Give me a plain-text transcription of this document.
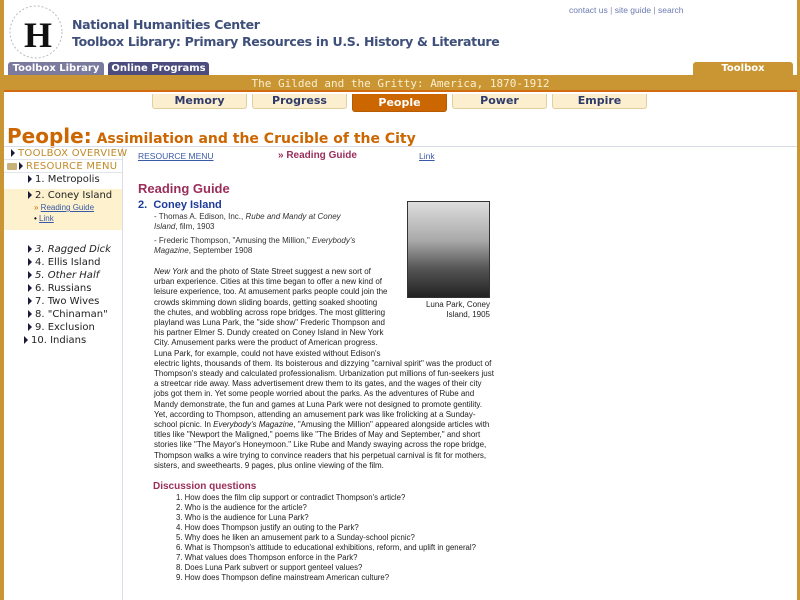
H National Humanities Center
Toolbox Library: Primary Resources in U.S. History & Literature
contact us | site guide | search
Toolbox Library	Online Programs	Toolbox
The Gilded and the Gritty: America, 1870-1912
Memory	Progress	People	Power	Empire
People: Assimilation and the Crucible of the City
TOOLBOX OVERVIEW
RESOURCE MENU
1. Metropolis
2. Coney Island
» Reading Guide
• Link
3. Ragged Dick
4. Ellis Island
5. Other Half
6. Russians
7. Two Wives
8. "Chinaman"
9. Exclusion
10. Indians
RESOURCE MENU	» Reading Guide	Link
Reading Guide
2. Coney Island
- Thomas A. Edison, Inc., Rube and Mandy at Coney Island, film, 1903
- Frederic Thompson, "Amusing the Million," Everybody's Magazine, September 1908
New York and the photo of State Street suggest a new sort of urban experience. Cities at this time began to offer a new kind of leisure experience, too. At amusement parks people could join the crowds skimming down sliding boards, getting soaked shooting the chutes, and wobbling across rope bridges. The most glittering playland was Luna Park, the "side show" Frederic Thompson and his partner Elmer S. Dundy created on Coney Island in New York City. Amusement parks were the product of American progress. Luna Park, for example, could not have existed without Edison's electric lights, thousands of them. Its boisterous and dizzying "carnival spirit" was the product of Thompson's steady and calculated professionalism. Urbanization put millions of fun-seekers just a streetcar ride away. Mass advertisement drew them to its gates, and the wages of their city jobs got them in. Yet some people worried about the parks. As the adventures of Rube and Mandy demonstrate, the fun and games at Luna Park were not designed to promote gentility. Yet, according to Thompson, attending an amusement park was like frolicking at a Sunday-school picnic. In Everybody's Magazine, "Amusing the Million" appeared alongside articles with titles like "Newport the Maligned," poems like "The Brides of May and September," and short stories like "The Mayor's Honeymoon." Like Rube and Mandy swaying across the rope bridge, Thompson walks a wire trying to convince readers that his perpetual carnival is fit for mothers, sisters, and sweethearts. 9 pages, plus online viewing of the film.
Luna Park, Coney Island, 1905
Discussion questions
1. How does the film clip support or contradict Thompson's article?
2. Who is the audience for the article?
3. Who is the audience for Luna Park?
4. How does Thompson justify an outing to the Park?
5. Why does he liken an amusement park to a Sunday-school picnic?
6. What is Thompson's attitude to educational exhibitions, reform, and uplift in general?
7. What values does Thompson enforce in the Park?
8. Does Luna Park subvert or support genteel values?
9. How does Thompson define mainstream American culture?
